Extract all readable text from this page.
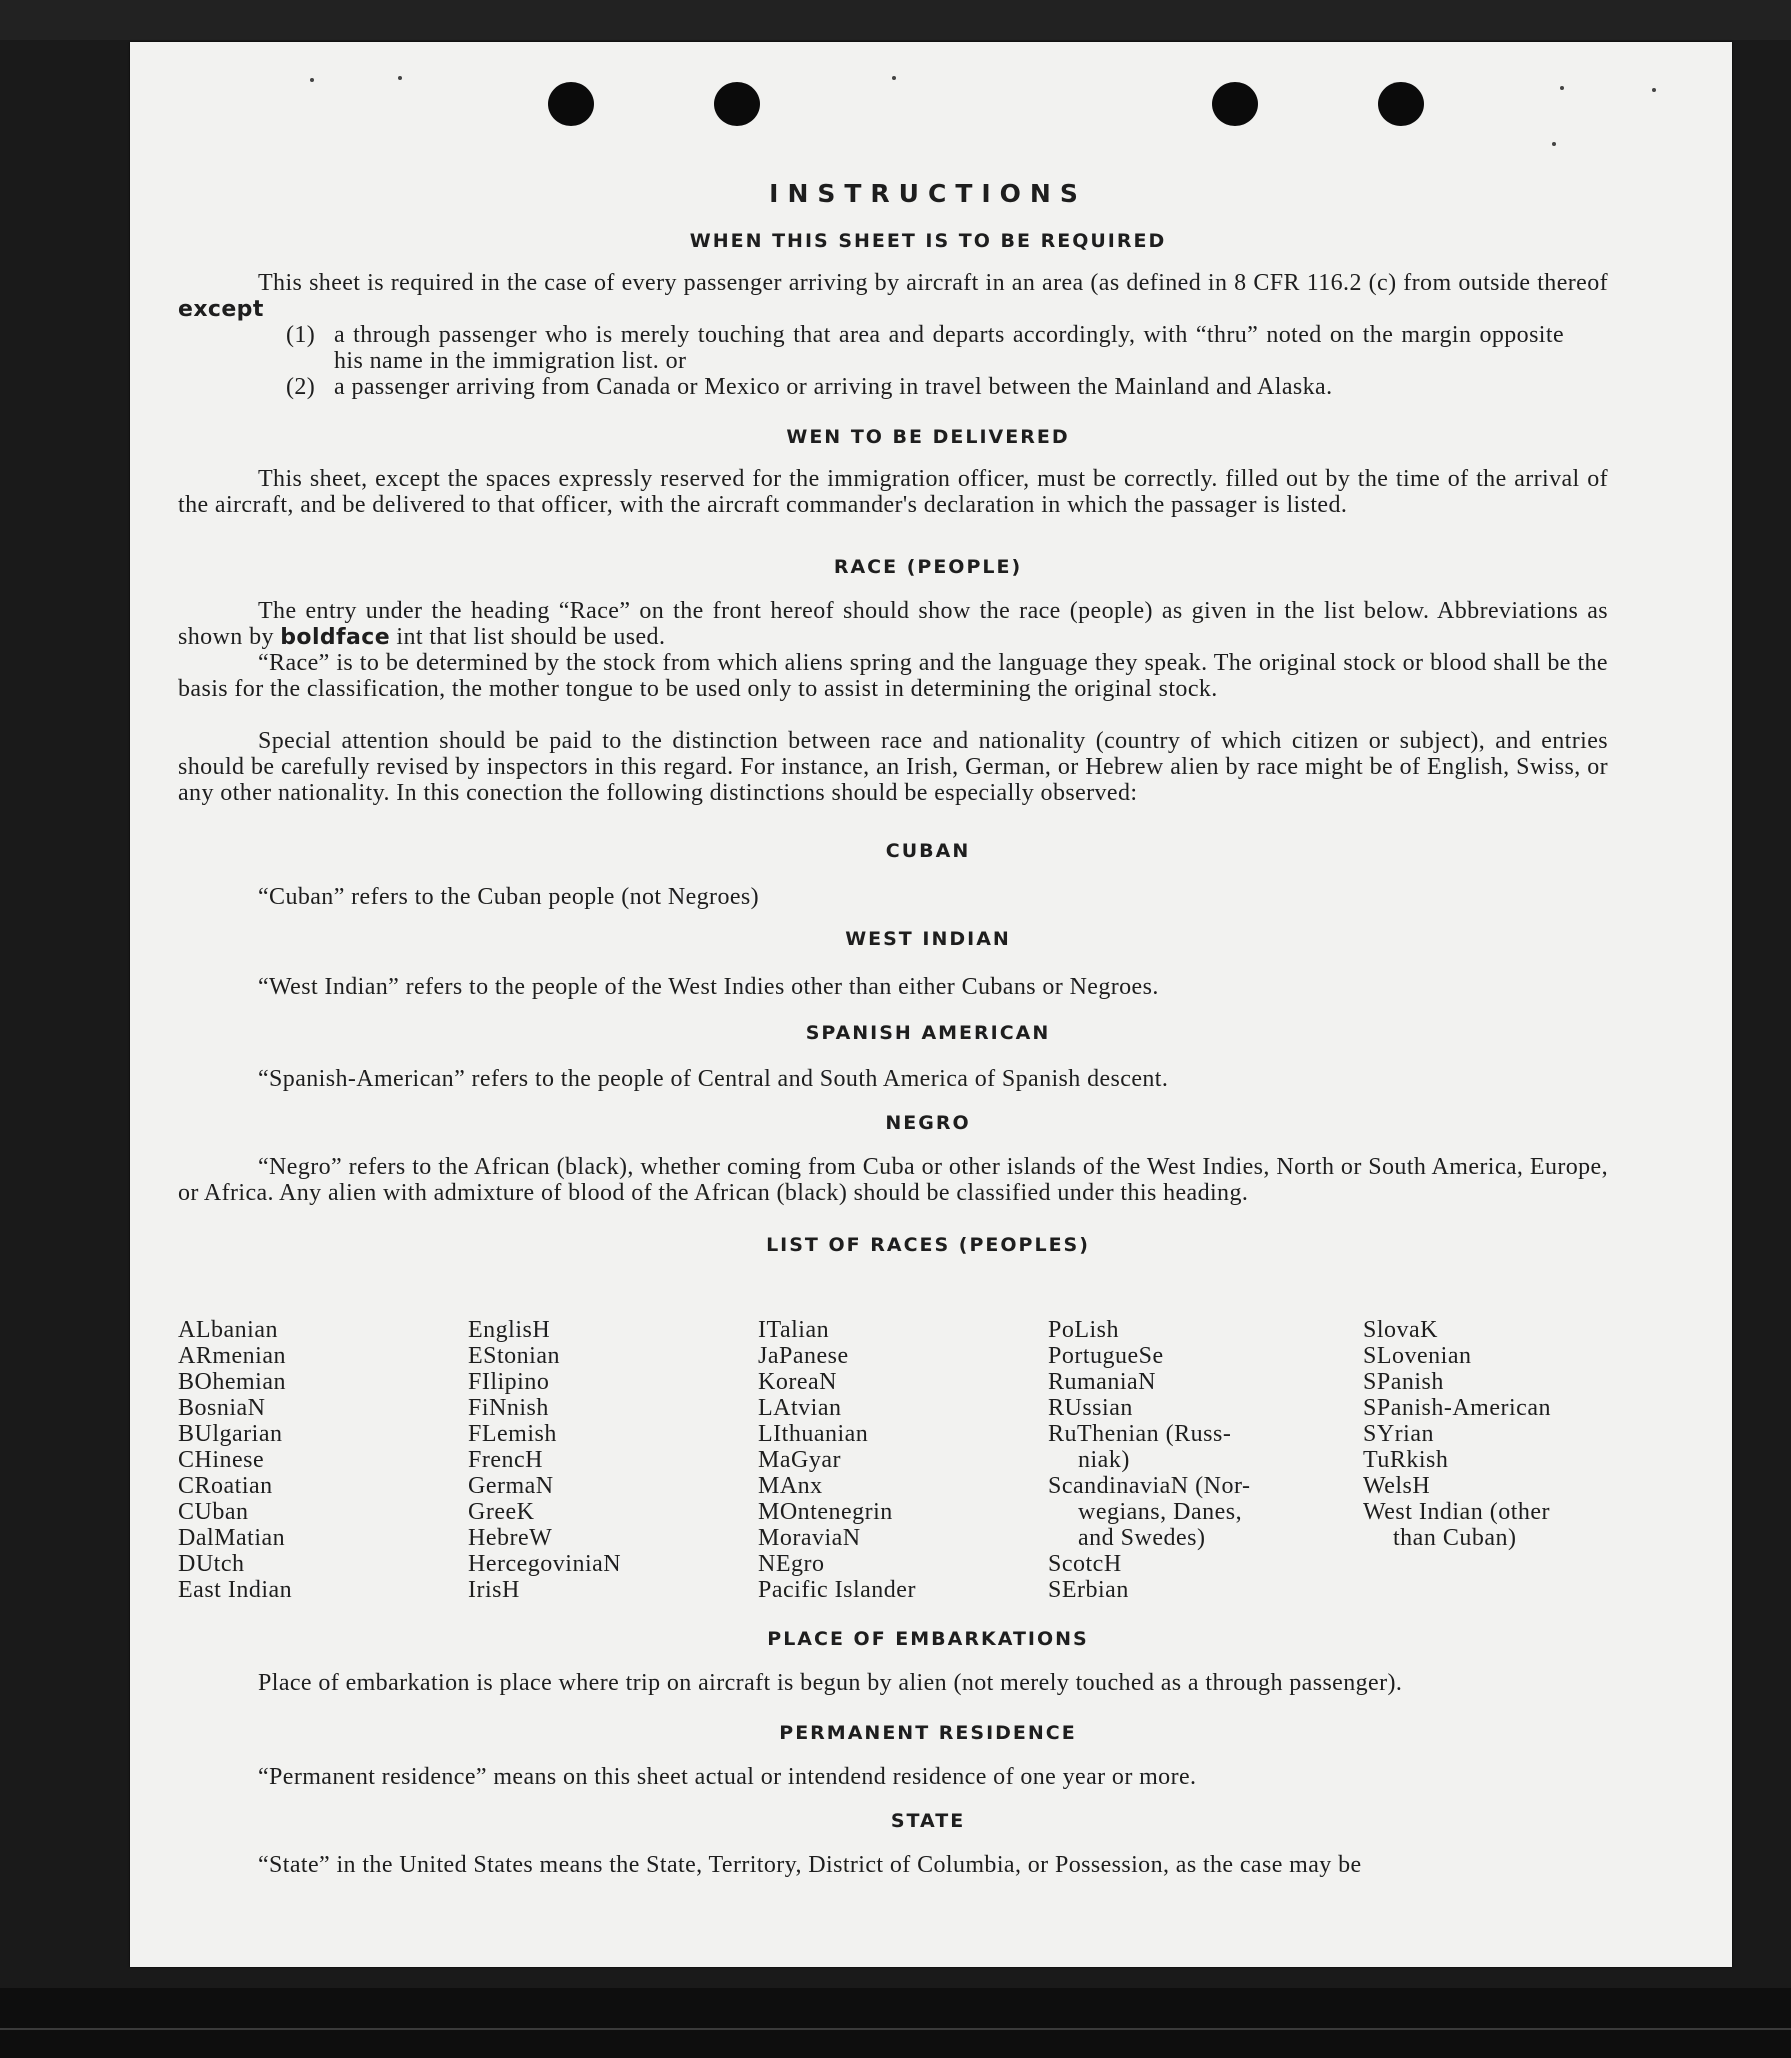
INSTRUCTIONS
WHEN THIS SHEET IS TO BE REQUIRED
This sheet is required in the case of every passenger arriving by aircraft in an area (as defined in 8 CFR 116.2 (c) from outside thereof except
(1) a through passenger who is merely touching that area and departs accordingly, with “thru” noted on the margin opposite his name in the immigration list. or
(2) a passenger arriving from Canada or Mexico or arriving in travel between the Mainland and Alaska.
WEN TO BE DELIVERED
This sheet, except the spaces expressly reserved for the immigration officer, must be correctly. filled out by the time of the arrival of the aircraft, and be delivered to that officer, with the aircraft commander's declaration in which the passager is listed.
RACE (PEOPLE)
The entry under the heading “Race” on the front hereof should show the race (people) as given in the list below. Abbreviations as shown by boldface int that list should be used.
“Race” is to be determined by the stock from which aliens spring and the language they speak. The original stock or blood shall be the basis for the classification, the mother tongue to be used only to assist in determining the original stock.
Special attention should be paid to the distinction between race and nationality (country of which citizen or subject), and entries should be carefully revised by inspectors in this regard. For instance, an Irish, German, or Hebrew alien by race might be of English, Swiss, or any other nationality. In this conection the following distinctions should be especially observed:
CUBAN
“Cuban” refers to the Cuban people (not Negroes)
WEST INDIAN
“West Indian” refers to the people of the West Indies other than either Cubans or Negroes.
SPANISH AMERICAN
“Spanish-American” refers to the people of Central and South America of Spanish descent.
NEGRO
“Negro” refers to the African (black), whether coming from Cuba or other islands of the West Indies, North or South America, Europe, or Africa. Any alien with admixture of blood of the African (black) should be classified under this heading.
LIST OF RACES (PEOPLES)
ALbanian
ARmenian
BOhemian
BosniaN
BUlgarian
CHinese
CRoatian
CUban
DalMatian
DUtch
East Indian
EnglisH
EStonian
FIlipino
FiNnish
FLemish
FrencH
GermaN
GreeK
HebreW
HercegoviniaN
IrisH
ITalian
JaPanese
KoreaN
LAtvian
LIthuanian
MaGyar
MAnx
MOntenegrin
MoraviaN
NEgro
Pacific Islander
PoLish
PortugueSe
RumaniaN
RUssian
RuThenian (Russ-
niak)
ScandinaviaN (Nor-
wegians, Danes,
and Swedes)
ScotcH
SErbian
SlovaK
SLovenian
SPanish
SPanish-American
SYrian
TuRkish
WelsH
West Indian (other
than Cuban)
PLACE OF EMBARKATIONS
Place of embarkation is place where trip on aircraft is begun by alien (not merely touched as a through passenger).
PERMANENT RESIDENCE
“Permanent residence” means on this sheet actual or intendend residence of one year or more.
STATE
“State” in the United States means the State, Territory, District of Columbia, or Possession, as the case may be
